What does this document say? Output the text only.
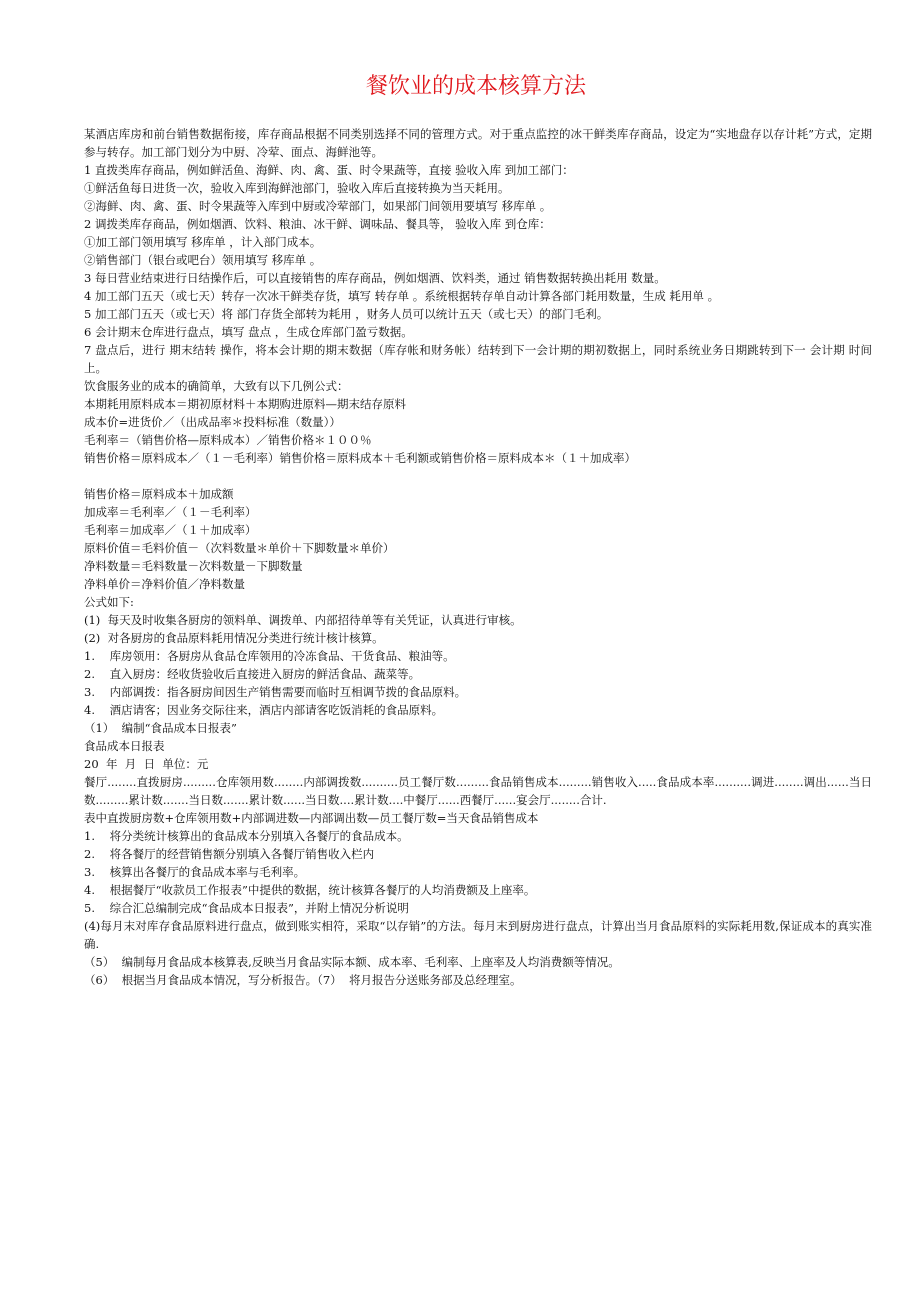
餐饮业的成本核算方法
某酒店库房和前台销售数据衔接，库存商品根据不同类别选择不同的管理方式。对于重点监控的冰干鲜类库存商品，设定为“实地盘存以存计耗”方式，定期参与转存。加工部门划分为中厨、冷荤、面点、海鲜池等。
1 直拨类库存商品，例如鲜活鱼、海鲜、肉、禽、蛋、时令果蔬等，直接 验收入库 到加工部门：
①鲜活鱼每日进货一次，验收入库到海鲜池部门，验收入库后直接转换为当天耗用。
②海鲜、肉、禽、蛋、时令果蔬等入库到中厨或冷荤部门，如果部门间领用要填写 移库单 。
2 调拨类库存商品，例如烟酒、饮料、粮油、冰干鲜、调味品、餐具等， 验收入库 到仓库：
①加工部门领用填写 移库单 ，计入部门成本。
②销售部门（银台或吧台）领用填写 移库单 。
3 每日营业结束进行日结操作后，可以直接销售的库存商品，例如烟酒、饮料类，通过 销售数据转换出耗用 数量。
4 加工部门五天（或七天）转存一次冰干鲜类存货，填写 转存单 。系统根据转存单自动计算各部门耗用数量，生成 耗用单 。
5 加工部门五天（或七天）将 部门存货全部转为耗用 ，财务人员可以统计五天（或七天）的部门毛利。
6 会计期末仓库进行盘点，填写 盘点 ，生成仓库部门盈亏数据。
7 盘点后，进行 期末结转 操作，将本会计期的期末数据（库存帐和财务帐）结转到下一会计期的期初数据上，同时系统业务日期跳转到下一 会计期 时间上。
饮食服务业的成本的确简单，大致有以下几例公式：
本期耗用原料成本＝期初原材料＋本期购进原料—期末结存原料
成本价=进货价／（出成品率＊投料标准（数量））
毛利率＝（销售价格—原料成本）／销售价格＊１００％
销售价格＝原料成本／（１－毛利率）销售价格＝原料成本＋毛利额或销售价格＝原料成本＊（１＋加成率）
销售价格＝原料成本＋加成额
加成率＝毛利率／（１－毛利率）
毛利率＝加成率／（１＋加成率）
原料价值＝毛料价值－（次料数量＊单价＋下脚数量＊单价）
净料数量＝毛料数量－次料数量－下脚数量
净料单价＝净料价值／净料数量
公式如下:
(1)  每天及时收集各厨房的领料单、调拨单、内部招待单等有关凭证，认真进行审核。
(2)  对各厨房的食品原料耗用情况分类进行统计核计核算。
1.    库房领用：各厨房从食品仓库领用的冷冻食品、干货食品、粮油等。
2.    直入厨房：经收货验收后直接进入厨房的鲜活食品、蔬菜等。
3.    内部调拨：指各厨房间因生产销售需要而临时互相调节拨的食品原料。
4.    酒店请客；因业务交际往来，酒店内部请客吃饭消耗的食品原料。
（1）  编制“食品成本日报表”
食品成本日报表
20  年  月  日  单位：元
餐厅........直拨厨房.........仓库领用数........内部调拨数..........员工餐厅数.........食品销售成本.........销售收入.....食品成本率..........调进........调出......当日数.........累计数.......当日数.......累计数......当日数....累计数....中餐厅......西餐厅......宴会厅........合计.
表中直拨厨房数+仓库领用数+内部调进数—内部调出数—员工餐厅数=当天食品销售成本
1.    将分类统计核算出的食品成本分别填入各餐厅的食品成本。
2.    将各餐厅的经营销售额分别填入各餐厅销售收入栏内
3.    核算出各餐厅的食品成本率与毛利率。
4.    根据餐厅“收款员工作报表”中提供的数据，统计核算各餐厅的人均消费额及上座率。
5.    综合汇总编制完成“食品成本日报表”，并附上情况分析说明
(4)每月末对库存食品原料进行盘点，做到账实相符，采取“以存销”的方法。每月末到厨房进行盘点，计算出当月食品原料的实际耗用数,保证成本的真实准确.
（5）  编制每月食品成本核算表,反映当月食品实际本额、成本率、毛利率、上座率及人均消费额等情况。
（6）  根据当月食品成本情况，写分析报告。（7）  将月报告分送账务部及总经理室。
